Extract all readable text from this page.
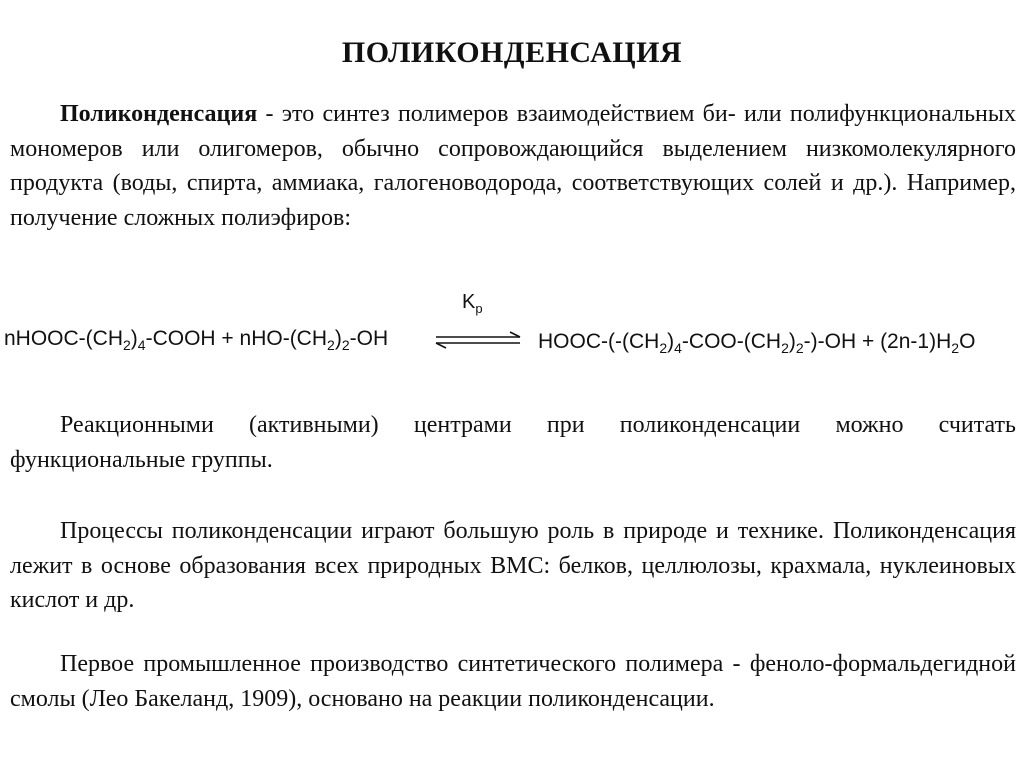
ПОЛИКОНДЕНСАЦИЯ
Поликонденсация - это синтез полимеров взаимодействием би- или полифункциональных мономеров или олигомеров, обычно сопровождающийся выделением низкомолекулярного продукта (воды, спирта, аммиака, галогеноводорода, соответствующих солей и др.). Например, получение сложных полиэфиров:
$K_p$
nHOOC-$(CH_2)_4$-COOH + nHO-$(CH_2)_2-OH$	HOOC-$(-(CH_2)_4-COO-(CH_2)_2-)-OH + (2n-1)H_2O$
Реакционными (активными) центрами при поликонденсации можно считать функциональные группы.
Процессы поликонденсации играют большую роль в природе и технике. Поликонденсация лежит в основе образования всех природных ВМС: белков, целлюлозы, крахмала, нуклеиновых кислот и др.
Первое промышленное производство синтетического полимера - феноло-формальдегидной смолы (Лео Бакеланд, 1909), основано на реакции поликонденсации.
